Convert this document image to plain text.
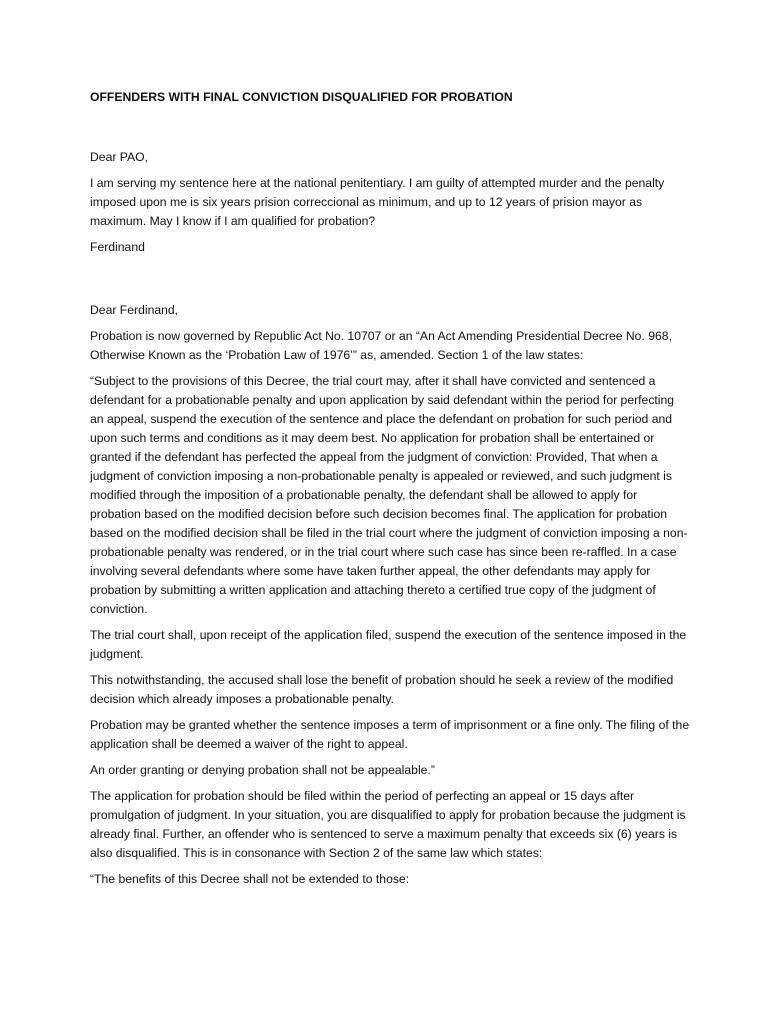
OFFENDERS WITH FINAL CONVICTION DISQUALIFIED FOR PROBATION

Dear PAO,

I am serving my sentence here at the national penitentiary. I am guilty of attempted murder and the penalty imposed upon me is six years prision correccional as minimum, and up to 12 years of prision mayor as maximum. May I know if I am qualified for probation?

Ferdinand

Dear Ferdinand,

Probation is now governed by Republic Act No. 10707 or an “An Act Amending Presidential Decree No. 968, Otherwise Known as the ‘Probation Law of 1976’” as, amended. Section 1 of the law states:

“Subject to the provisions of this Decree, the trial court may, after it shall have convicted and sentenced a defendant for a probationable penalty and upon application by said defendant within the period for perfecting an appeal, suspend the execution of the sentence and place the defendant on probation for such period and upon such terms and conditions as it may deem best. No application for probation shall be entertained or granted if the defendant has perfected the appeal from the judgment of conviction: Provided, That when a judgment of conviction imposing a non-probationable penalty is appealed or reviewed, and such judgment is modified through the imposition of a probationable penalty, the defendant shall be allowed to apply for probation based on the modified decision before such decision becomes final. The application for probation based on the modified decision shall be filed in the trial court where the judgment of conviction imposing a non-probationable penalty was rendered, or in the trial court where such case has since been re-raffled. In a case involving several defendants where some have taken further appeal, the other defendants may apply for probation by submitting a written application and attaching thereto a certified true copy of the judgment of conviction.

The trial court shall, upon receipt of the application filed, suspend the execution of the sentence imposed in the judgment.

This notwithstanding, the accused shall lose the benefit of probation should he seek a review of the modified decision which already imposes a probationable penalty.

Probation may be granted whether the sentence imposes a term of imprisonment or a fine only. The filing of the application shall be deemed a waiver of the right to appeal.

An order granting or denying probation shall not be appealable.”

The application for probation should be filed within the period of perfecting an appeal or 15 days after promulgation of judgment. In your situation, you are disqualified to apply for probation because the judgment is already final. Further, an offender who is sentenced to serve a maximum penalty that exceeds six (6) years is also disqualified. This is in consonance with Section 2 of the same law which states:

“The benefits of this Decree shall not be extended to those:
